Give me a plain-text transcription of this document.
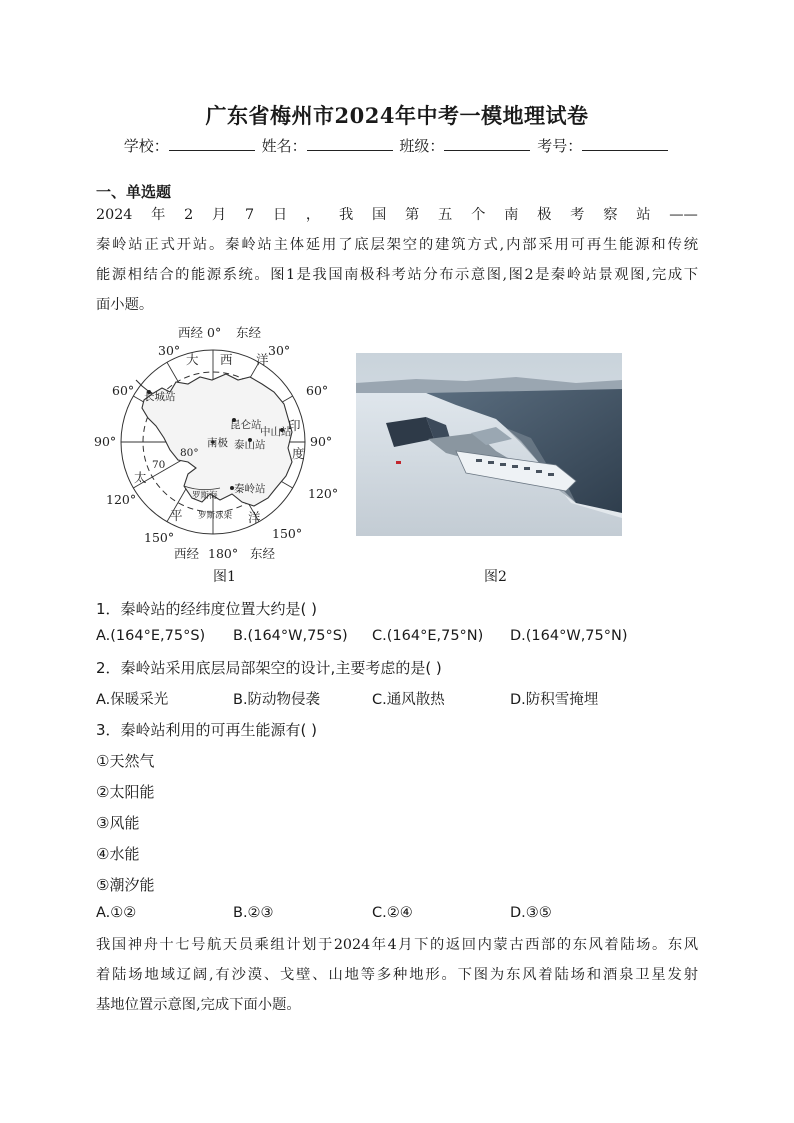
广东省梅州市2024年中考一模地理试卷
学校：	姓名：	班级：	考号：
一、单选题
2024 年 2 月 7 日 ， 我 国 第 五 个 南 极 考 察 站 ——
秦岭站正式开站。秦岭站主体延用了底层架空的建筑方式,内部采用可再生能源和传统
能源相结合的能源系统。图1是我国南极科考站分布示意图,图2是秦岭站景观图,完成下
面小题。
西经 0° 东经
西经 180° 东经
30°	30°
60°	60°
90°	90°
120°	120°
150°	150°
大 西 洋
太
平	洋
印
度
70
80°
长城站
昆仑站
中山站
泰山站
秦岭站
南极
罗斯海
罗斯冰架
图1	图2
1．秦岭站的经纬度位置大约是( )
A.(164°E,75°S) B.(164°W,75°S) C.(164°E,75°N) D.(164°W,75°N)
2．秦岭站采用底层局部架空的设计,主要考虑的是( )
A.保暖采光	B.防动物侵袭	C.通风散热	D.防积雪掩埋
3．秦岭站利用的可再生能源有( )
①天然气
②太阳能
③风能
④水能
⑤潮汐能
A.①②	B.②③	C.②④	D.③⑤
我国神舟十七号航天员乘组计划于2024年4月下的返回内蒙古西部的东风着陆场。东风
着陆场地域辽阔,有沙漠、戈壁、山地等多种地形。下图为东风着陆场和酒泉卫星发射
基地位置示意图,完成下面小题。
